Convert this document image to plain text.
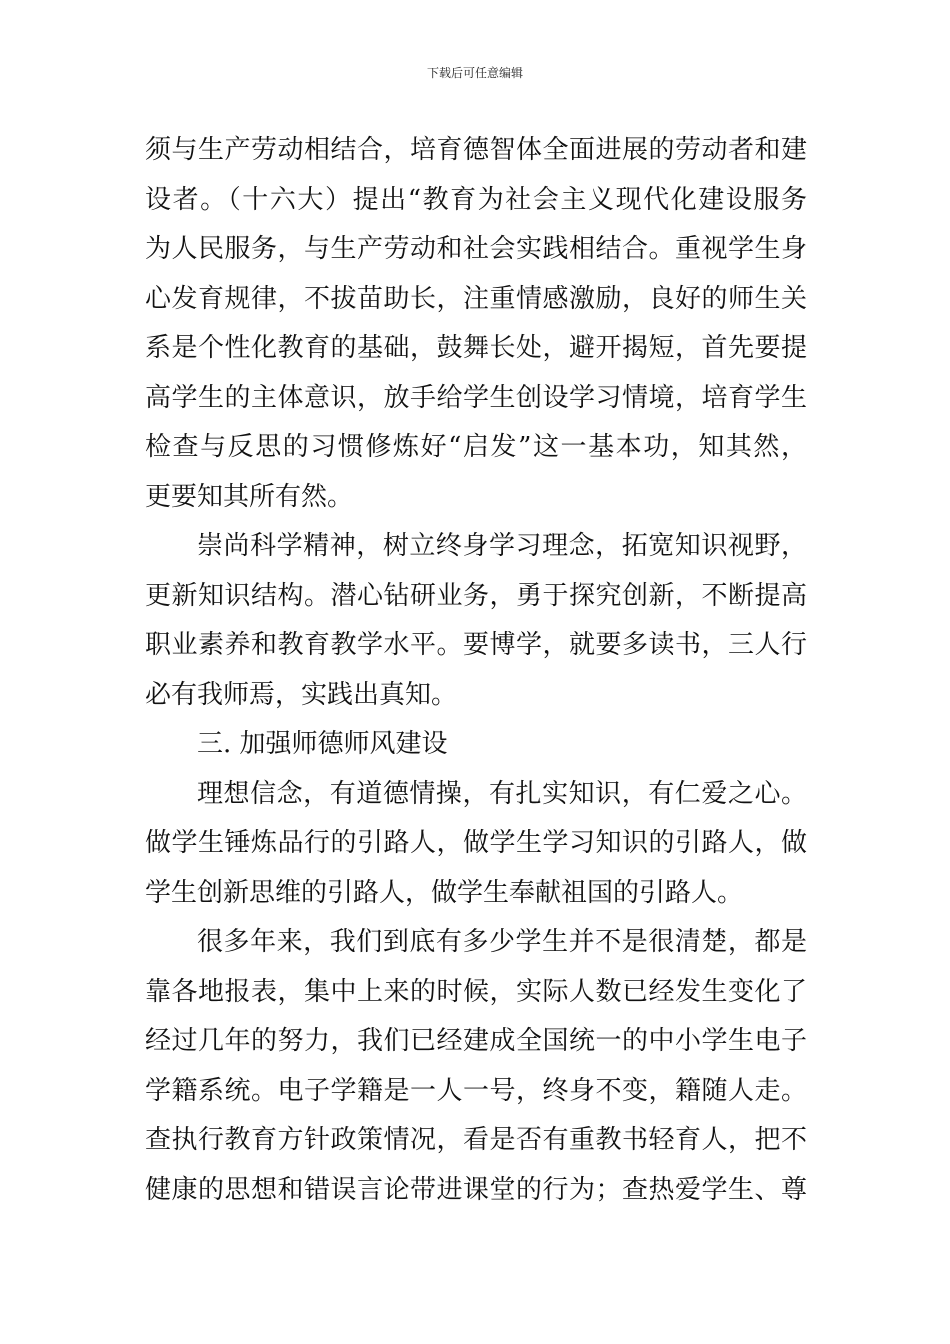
下载后可任意编辑
须与生产劳动相结合，培育德智体全面进展的劳动者和建
设者。（十六大）提出“教育为社会主义现代化建设服务
为人民服务，与生产劳动和社会实践相结合。重视学生身
心发育规律，不拔苗助长，注重情感激励，良好的师生关
系是个性化教育的基础，鼓舞长处，避开揭短，首先要提
高学生的主体意识，放手给学生创设学习情境，培育学生
检查与反思的习惯修炼好“启发”这一基本功，知其然，
更要知其所有然。
崇尚科学精神，树立终身学习理念，拓宽知识视野，
更新知识结构。潜心钻研业务，勇于探究创新，不断提高
职业素养和教育教学水平。要博学，就要多读书，三人行
必有我师焉，实践出真知。
三. 加强师德师风建设
理想信念，有道德情操，有扎实知识，有仁爱之心。
做学生锤炼品行的引路人，做学生学习知识的引路人，做
学生创新思维的引路人，做学生奉献祖国的引路人。
很多年来，我们到底有多少学生并不是很清楚，都是
靠各地报表，集中上来的时候，实际人数已经发生变化了
经过几年的努力，我们已经建成全国统一的中小学生电子
学籍系统。电子学籍是一人一号，终身不变，籍随人走。
查执行教育方针政策情况，看是否有重教书轻育人，把不
健康的思想和错误言论带进课堂的行为；查热爱学生、尊
